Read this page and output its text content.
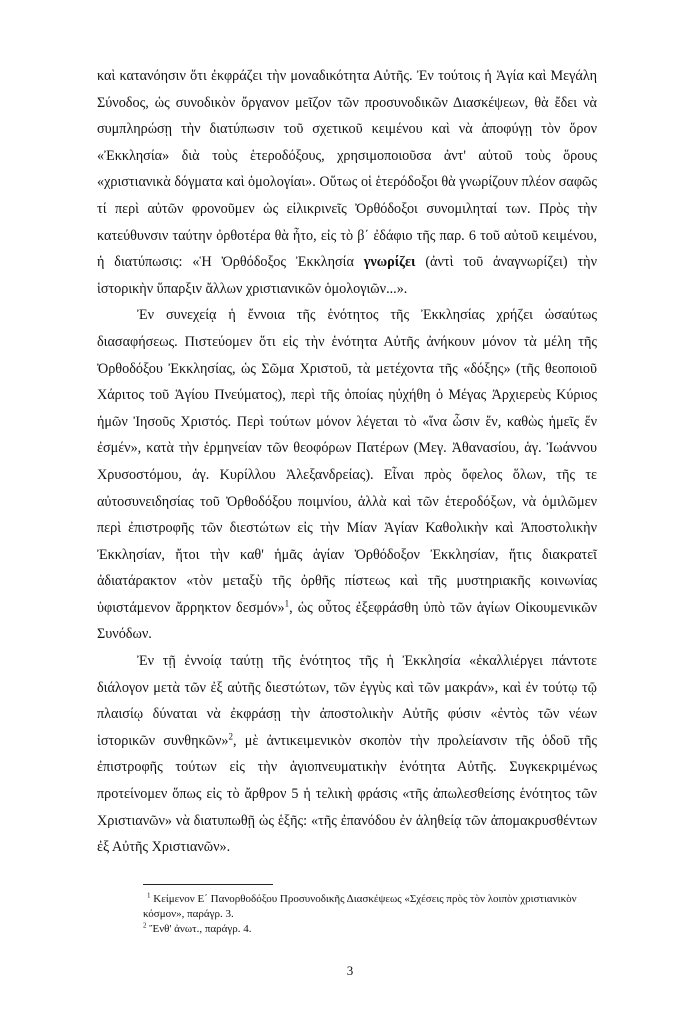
καὶ κατανόησιν ὅτι ἐκφράζει τὴν μοναδικότητα Αὐτῆς. Ἐν τούτοις ἡ Ἁγία καὶ Μεγάλη Σύνοδος, ὡς συνοδικὸν ὄργανον μεῖζον τῶν προσυνοδικῶν Διασκέψεων, θὰ ἔδει νὰ συμπληρώσῃ τὴν διατύπωσιν τοῦ σχετικοῦ κειμένου καὶ νὰ ἀποφύγῃ τὸν ὅρον «Ἐκκλησία» διὰ τοὺς ἑτεροδόξους, χρησιμοποιοῦσα ἀντ' αὐτοῦ τοὺς ὅρους «χριστιανικὰ δόγματα καὶ ὁμολογίαι». Οὕτως οἱ ἑτερόδοξοι θὰ γνωρίζουν πλέον σαφῶς τί περὶ αὐτῶν φρονοῦμεν ὡς εἰλικρινεῖς Ὀρθόδοξοι συνομιληταί των. Πρὸς τὴν κατεύθυνσιν ταύτην ὀρθοτέρα θὰ ἦτο, εἰς τὸ β΄ ἐδάφιο τῆς παρ. 6 τοῦ αὐτοῦ κειμένου, ἡ διατύπωσις: «Ἡ Ὀρθόδοξος Ἐκκλησία γνωρίζει (ἀντὶ τοῦ ἀναγνωρίζει) τὴν ἱστορικὴν ὕπαρξιν ἄλλων χριστιανικῶν ὁμολογιῶν...».

Ἐν συνεχείᾳ ἡ ἔννοια τῆς ἑνότητος τῆς Ἐκκλησίας χρήζει ὡσαύτως διασαφήσεως. Πιστεύομεν ὅτι εἰς τὴν ἑνότητα Αὐτῆς ἀνήκουν μόνον τὰ μέλη τῆς Ὀρθοδόξου Ἐκκλησίας, ὡς Σῶμα Χριστοῦ, τὰ μετέχοντα τῆς «δόξης» (τῆς θεοποιοῦ Χάριτος τοῦ Ἁγίου Πνεύματος), περὶ τῆς ὁποίας ηὐχήθη ὁ Μέγας Ἀρχιερεὺς Κύριος ἡμῶν Ἰησοῦς Χριστός. Περὶ τούτων μόνον λέγεται τὸ «ἵνα ὦσιν ἕν, καθὼς ἡμεῖς ἕν ἐσμέν», κατὰ τὴν ἑρμηνείαν τῶν θεοφόρων Πατέρων (Μεγ. Ἀθανασίου, ἁγ. Ἰωάννου Χρυσοστόμου, ἁγ. Κυρίλλου Ἀλεξανδρείας). Εἶναι πρὸς ὄφελος ὅλων, τῆς τε αὐτοσυνειδησίας τοῦ Ὀρθοδόξου ποιμνίου, ἀλλὰ καὶ τῶν ἑτεροδόξων, νὰ ὁμιλῶμεν περὶ ἐπιστροφῆς τῶν διεστώτων εἰς τὴν Μίαν Ἁγίαν Καθολικὴν καὶ Ἀποστολικὴν Ἐκκλησίαν, ἤτοι τὴν καθ' ἡμᾶς ἁγίαν Ὀρθόδοξον Ἐκκλησίαν, ἥτις διακρατεῖ ἀδιατάρακτον «τὸν μεταξὺ τῆς ὀρθῆς πίστεως καὶ τῆς μυστηριακῆς κοινωνίας ὑφιστάμενον ἄρρηκτον δεσμόν»$^1$, ὡς οὗτος ἐξεφράσθη ὑπὸ τῶν ἁγίων Οἰκουμενικῶν Συνόδων.

Ἐν τῇ ἐννοίᾳ ταύτῃ τῆς ἑνότητος τῆς ἡ Ἐκκλησία «ἐκαλλιέργει πάντοτε διάλογον μετὰ τῶν ἐξ αὐτῆς διεστώτων, τῶν ἐγγὺς καὶ τῶν μακράν», καὶ ἐν τούτῳ τῷ πλαισίῳ δύναται νὰ ἐκφράσῃ τὴν ἀποστολικὴν Αὐτῆς φύσιν «ἐντὸς τῶν νέων ἱστορικῶν συνθηκῶν»$^2$, μὲ ἀντικειμενικὸν σκοπὸν τὴν προλείανσιν τῆς ὁδοῦ τῆς ἐπιστροφῆς τούτων εἰς τὴν ἁγιοπνευματικὴν ἑνότητα Αὐτῆς. Συγκεκριμένως προτείνομεν ὅπως εἰς τὸ ἄρθρον 5 ἡ τελικὴ φράσις «τῆς ἀπωλεσθείσης ἑνότητος τῶν Χριστιανῶν» νὰ διατυπωθῇ ὡς ἑξῆς: «τῆς ἐπανόδου ἐν ἀληθείᾳ τῶν ἀπομακρυσθέντων ἐξ Αὐτῆς Χριστιανῶν».

$^1$ Κείμενον Ε΄ Πανορθοδόξου Προσυνοδικῆς Διασκέψεως «Σχέσεις πρὸς τὸν λοιπὸν χριστιανικὸν κόσμον», παράγρ. 3.

$^2$ Ἔνθ' ἀνωτ., παράγρ. 4.

3
